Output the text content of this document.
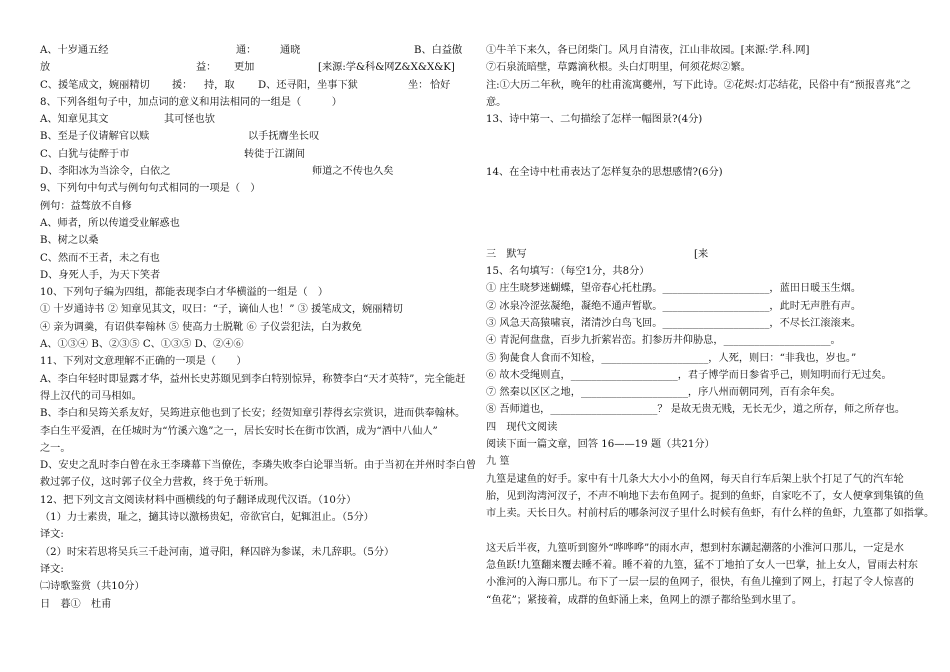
A、十岁通五经	通： 通晓	B、白益傲
放	益： 更加	[来源:学&科&网Z&X&X&K]
C、援笔成文，婉丽精切 援： 持，取 D、还寻阳，坐事下狱	坐： 恰好
8、下列各组句子中，加点词的意义和用法相同的一组是（　　　）
A、知章见其文	其可怪也欤
B、至是子仪请解官以赎	以手抚膺坐长叹
C、白犹与徒醉于市	转徙于江湖间
D、李阳冰为当涂令，白依之	师道之不传也久矣
9、下列句中句式与例句句式相同的一项是（　）
例句：益骜放不自修
A、师者，所以传道受业解惑也
B、树之以桑
C、然而不王者，未之有也
D、身死人手，为天下笑者
10、下列句子编为四组，都能表现李白才华横溢的一组是（　）
① 十岁通诗书 ② 知章见其文，叹曰：“子，谪仙人也！” ③ 援笔成文，婉丽精切
④ 亲为调羹，有诏供奉翰林 ⑤ 使高力士脱靴 ⑥ 子仪尝犯法，白为救免
A、①③④ B、②③⑤ C、①③⑤ D、②④⑥
11、下列对文意理解不正确的一项是（　　）
A、李白年轻时即显露才华，益州长史苏颋见到李白特别惊异，称赞李白“天才英特”，完全能赶
得上汉代的司马相如。
B、李白和吴筠关系友好，吴筠进京他也到了长安；经贺知章引荐得玄宗赏识，进而供奉翰林。
李白生平爱酒，在任城时为“竹溪六逸”之一，居长安时长在街市饮酒，成为“酒中八仙人”
之一。
D、安史之乱时李白曾在永王李璘幕下当僚佐，李璘失败李白论罪当斩。由于当初在并州时李白曾
救过郭子仪，这时郭子仪全力营救，终于免于斩刑。
12、把下列文言文阅读材料中画横线的句子翻译成现代汉语。（10分）
（1）力士素贵，耻之，擿其诗以激杨贵妃，帝欲官白，妃辄沮止。（5分）
译文:
（2）时宋若思将吴兵三千赴河南，道寻阳，释囚辟为参谋，未几辞职。（5分）
译文:
㈡诗歌鉴赏（共10分）
日　暮①　杜甫
①牛羊下来久，各已闭柴门。风月自清夜，江山非故园。[来源:学.科.网]
⑦石泉流暗壁，草露滴秋根。头白灯明里，何须花烬②繁。
注:①大历二年秋，晚年的杜甫流寓夔州，写下此诗。②花烬:灯芯结花，民俗中有“预报喜兆”之
意。
13、诗中第一、二句描绘了怎样一幅图景?(4分)
14、在全诗中杜甫表达了怎样复杂的思想感情?(6分)
三　默写	[来
15、名句填写：（每空1分，共8分）
① 庄生晓梦迷蝴蝶，望帝春心托杜鹃。_____________________，蓝田日暖玉生烟。
② 冰泉冷涩弦凝绝，凝绝不通声暂歇。_____________________，此时无声胜有声。
③ 风急天高猿啸哀，渚清沙白鸟飞回。_____________________，不尽长江滚滚来。
④ 青泥何盘盘，百步九折萦岩峦。扪参历井仰胁息，_____________________。
⑤ 狗彘食人食而不知检，_____________________，人死，则曰：“非我也，岁也。”
⑥ 故木受绳则直，_____________________，君子博学而日参省乎己，则知明而行无过矣。
⑦ 然秦以区区之地，_____________________，序八州而朝同列，百有余年矣。
⑧ 吾师道也，_____________________？ 是故无贵无贱，无长无少，道之所存，师之所存也。
四　现代文阅读
阅读下面一篇文章，回答 16——19 题（共21分）
九 篁
九篁是逮鱼的好手。家中有十几条大大小小的鱼网，每天自行车后架上驮个打足了气的汽车轮
胎，见到沟湾河汊子，不声不响地下去布鱼网子。捉到的鱼虾，自家吃不了，女人便拿到集镇的鱼
市上卖。天长日久。村前村后的哪条河汊子里什么时候有鱼虾，有什么样的鱼虾，九篁都了如指掌。
这天后半夜，九篁听到窗外“哗哗哗”的雨水声，想到村东涮起潮落的小淮河口那儿，一定是水
急鱼跃!九篁翻来覆去睡不着。睡不着的九篁，猛不丁地拍了女人一巴掌，扯上女人，冒雨去村东
小淮河的入海口那儿。布下了一层一层的鱼网子，很快，有鱼儿撞到了网上，打起了令人惊喜的
“鱼花”；紧接着，成群的鱼虾涌上来，鱼网上的漂子都给坠到水里了。
